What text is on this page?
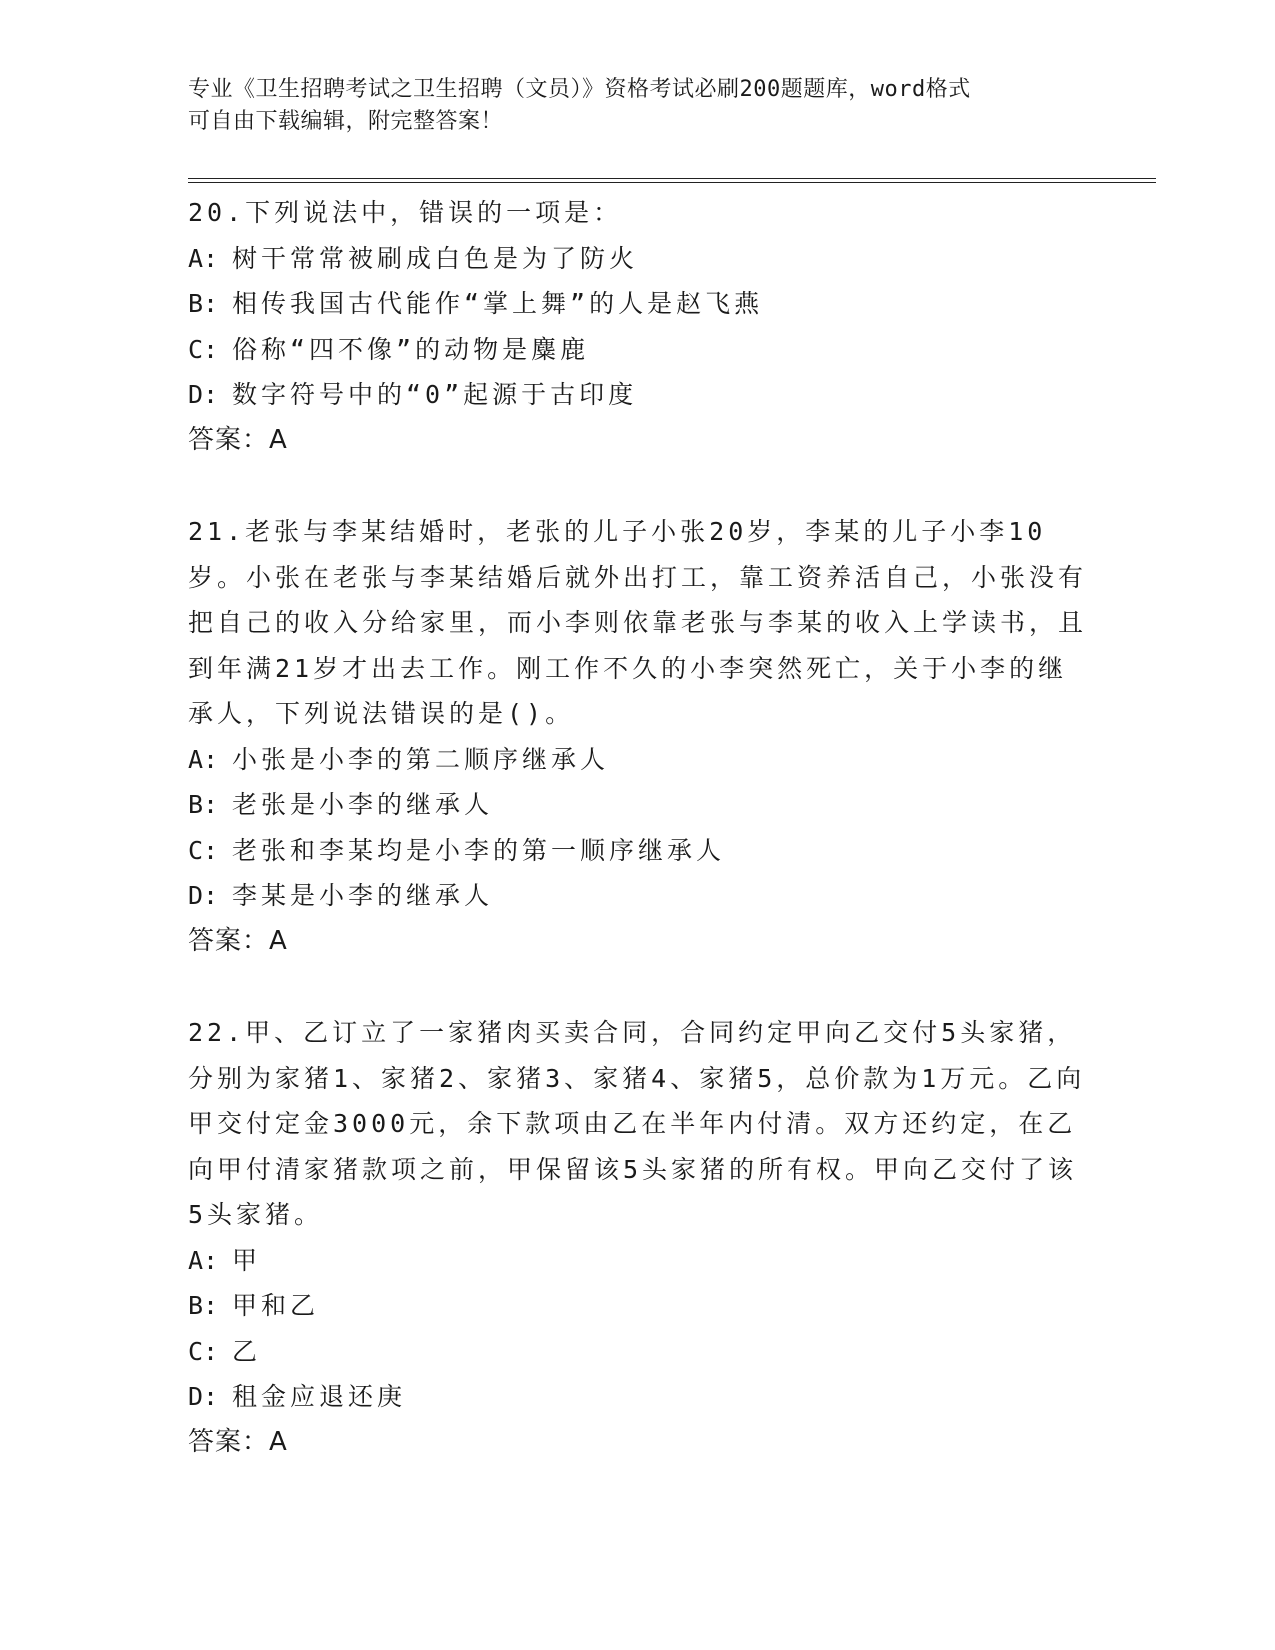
专业《卫生招聘考试之卫生招聘（文员）》资格考试必刷200题题库，word格式
可自由下载编辑，附完整答案！

20.下列说法中，错误的一项是：

A: 树干常常被刷成白色是为了防火

B: 相传我国古代能作“掌上舞”的人是赵飞燕

C: 俗称“四不像”的动物是麋鹿

D: 数字符号中的“0”起源于古印度

答案：A

21.老张与李某结婚时，老张的儿子小张20岁，李某的儿子小李10岁。小张在老张与李某结婚后就外出打工，靠工资养活自己，小张没有把自己的收入分给家里，而小李则依靠老张与李某的收入上学读书，且到年满21岁才出去工作。刚工作不久的小李突然死亡，关于小李的继承人，下列说法错误的是()。

A: 小张是小李的第二顺序继承人

B: 老张是小李的继承人

C: 老张和李某均是小李的第一顺序继承人

D: 李某是小李的继承人

答案：A

22.甲、乙订立了一家猪肉买卖合同，合同约定甲向乙交付5头家猪，分别为家猪1、家猪2、家猪3、家猪4、家猪5，总价款为1万元。乙向甲交付定金3000元，余下款项由乙在半年内付清。双方还约定，在乙向甲付清家猪款项之前，甲保留该5头家猪的所有权。甲向乙交付了该5头家猪。

A: 甲

B: 甲和乙

C: 乙

D: 租金应退还庚

答案：A
